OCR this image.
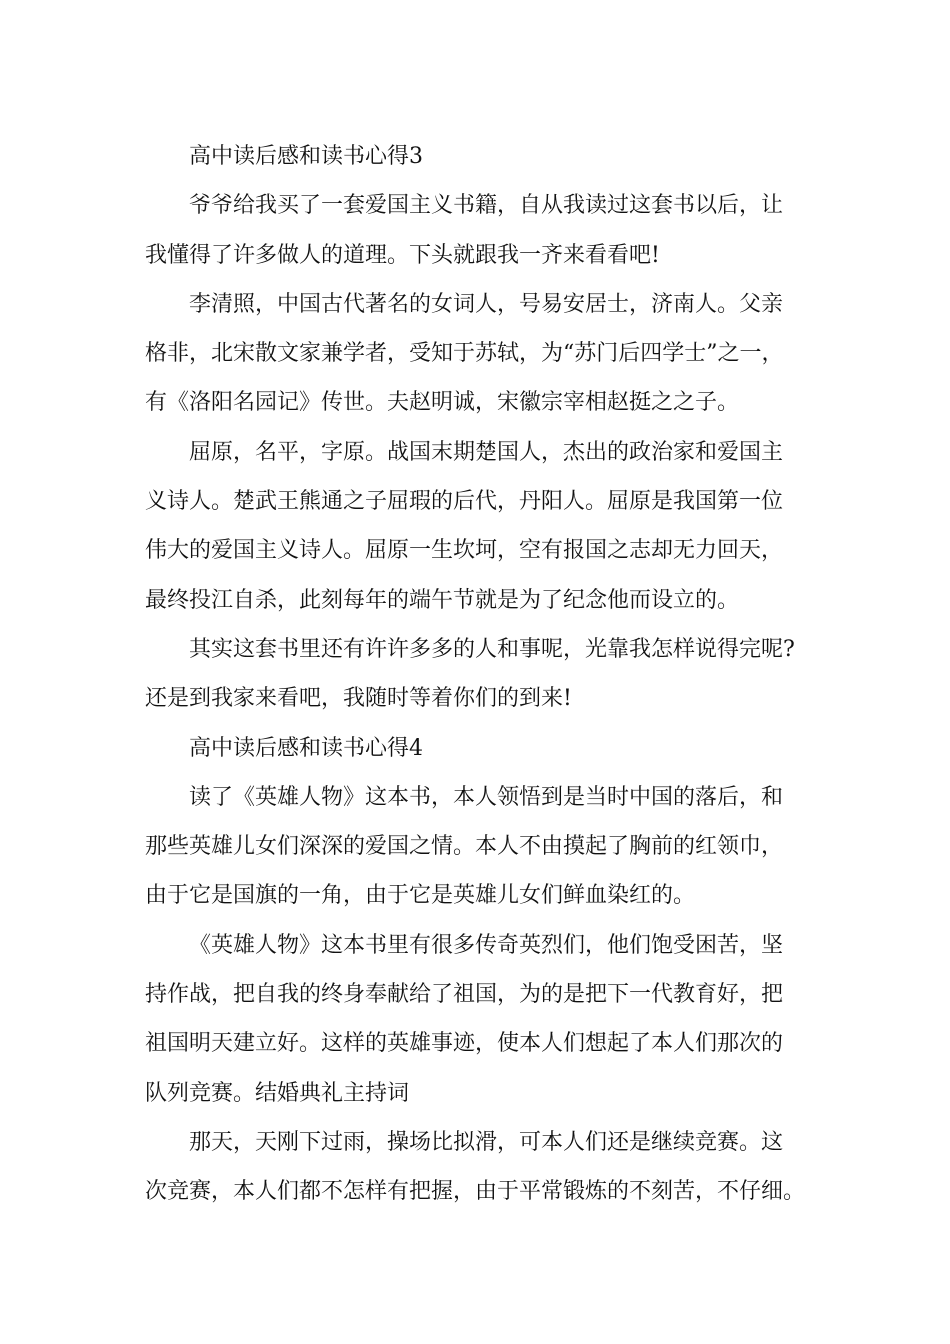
高中读后感和读书心得3
爷爷给我买了一套爱国主义书籍，自从我读过这套书以后，让
我懂得了许多做人的道理。下头就跟我一齐来看看吧!
李清照，中国古代著名的女词人，号易安居士，济南人。父亲
格非，北宋散文家兼学者，受知于苏轼，为“苏门后四学士”之一，
有《洛阳名园记》传世。夫赵明诚，宋徽宗宰相赵挺之之子。
屈原，名平，字原。战国末期楚国人，杰出的政治家和爱国主
义诗人。楚武王熊通之子屈瑕的后代，丹阳人。屈原是我国第一位
伟大的爱国主义诗人。屈原一生坎坷，空有报国之志却无力回天，
最终投江自杀，此刻每年的端午节就是为了纪念他而设立的。
其实这套书里还有许许多多的人和事呢，光靠我怎样说得完呢?
还是到我家来看吧，我随时等着你们的到来!
高中读后感和读书心得4
读了《英雄人物》这本书，本人领悟到是当时中国的落后，和
那些英雄儿女们深深的爱国之情。本人不由摸起了胸前的红领巾，
由于它是国旗的一角，由于它是英雄儿女们鲜血染红的。
《英雄人物》这本书里有很多传奇英烈们，他们饱受困苦，坚
持作战，把自我的终身奉献给了祖国，为的是把下一代教育好，把
祖国明天建立好。这样的英雄事迹，使本人们想起了本人们那次的
队列竞赛。结婚典礼主持词
那天，天刚下过雨，操场比拟滑，可本人们还是继续竞赛。这
次竞赛，本人们都不怎样有把握，由于平常锻炼的不刻苦，不仔细。
